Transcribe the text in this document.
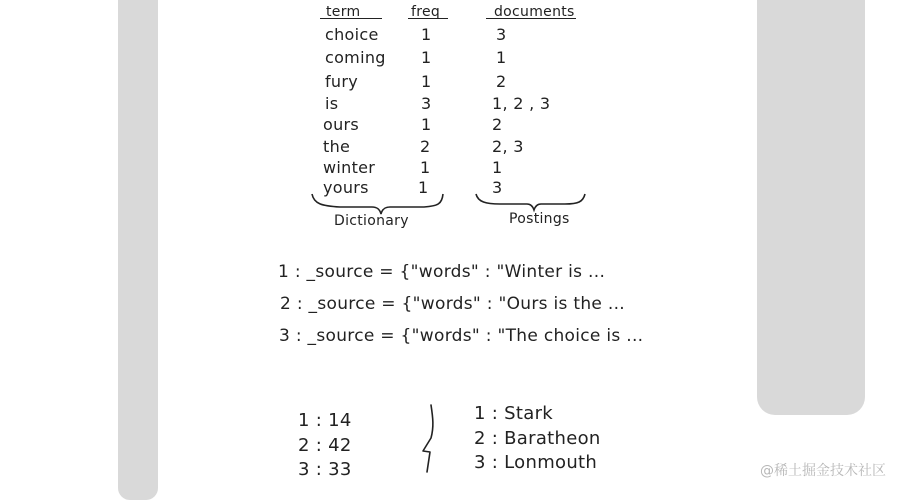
term	freq	documents
choice	1	3
coming 1	1
fury	1	2
is	3	1, 2 , 3
ours	1	2
the	2	2, 3
winter	1	1
yours	1	3
Dictionary	Postings
1 : _source = {"words" : "Winter is ...
2 : _source = {"words" : "Ours is the ...
3 : _source = {"words" : "The choice is ...
1 : 14
2 : 42
3 : 33
1 : Stark
2 : Baratheon
3 : Lonmouth	@稀土掘金技术社区
